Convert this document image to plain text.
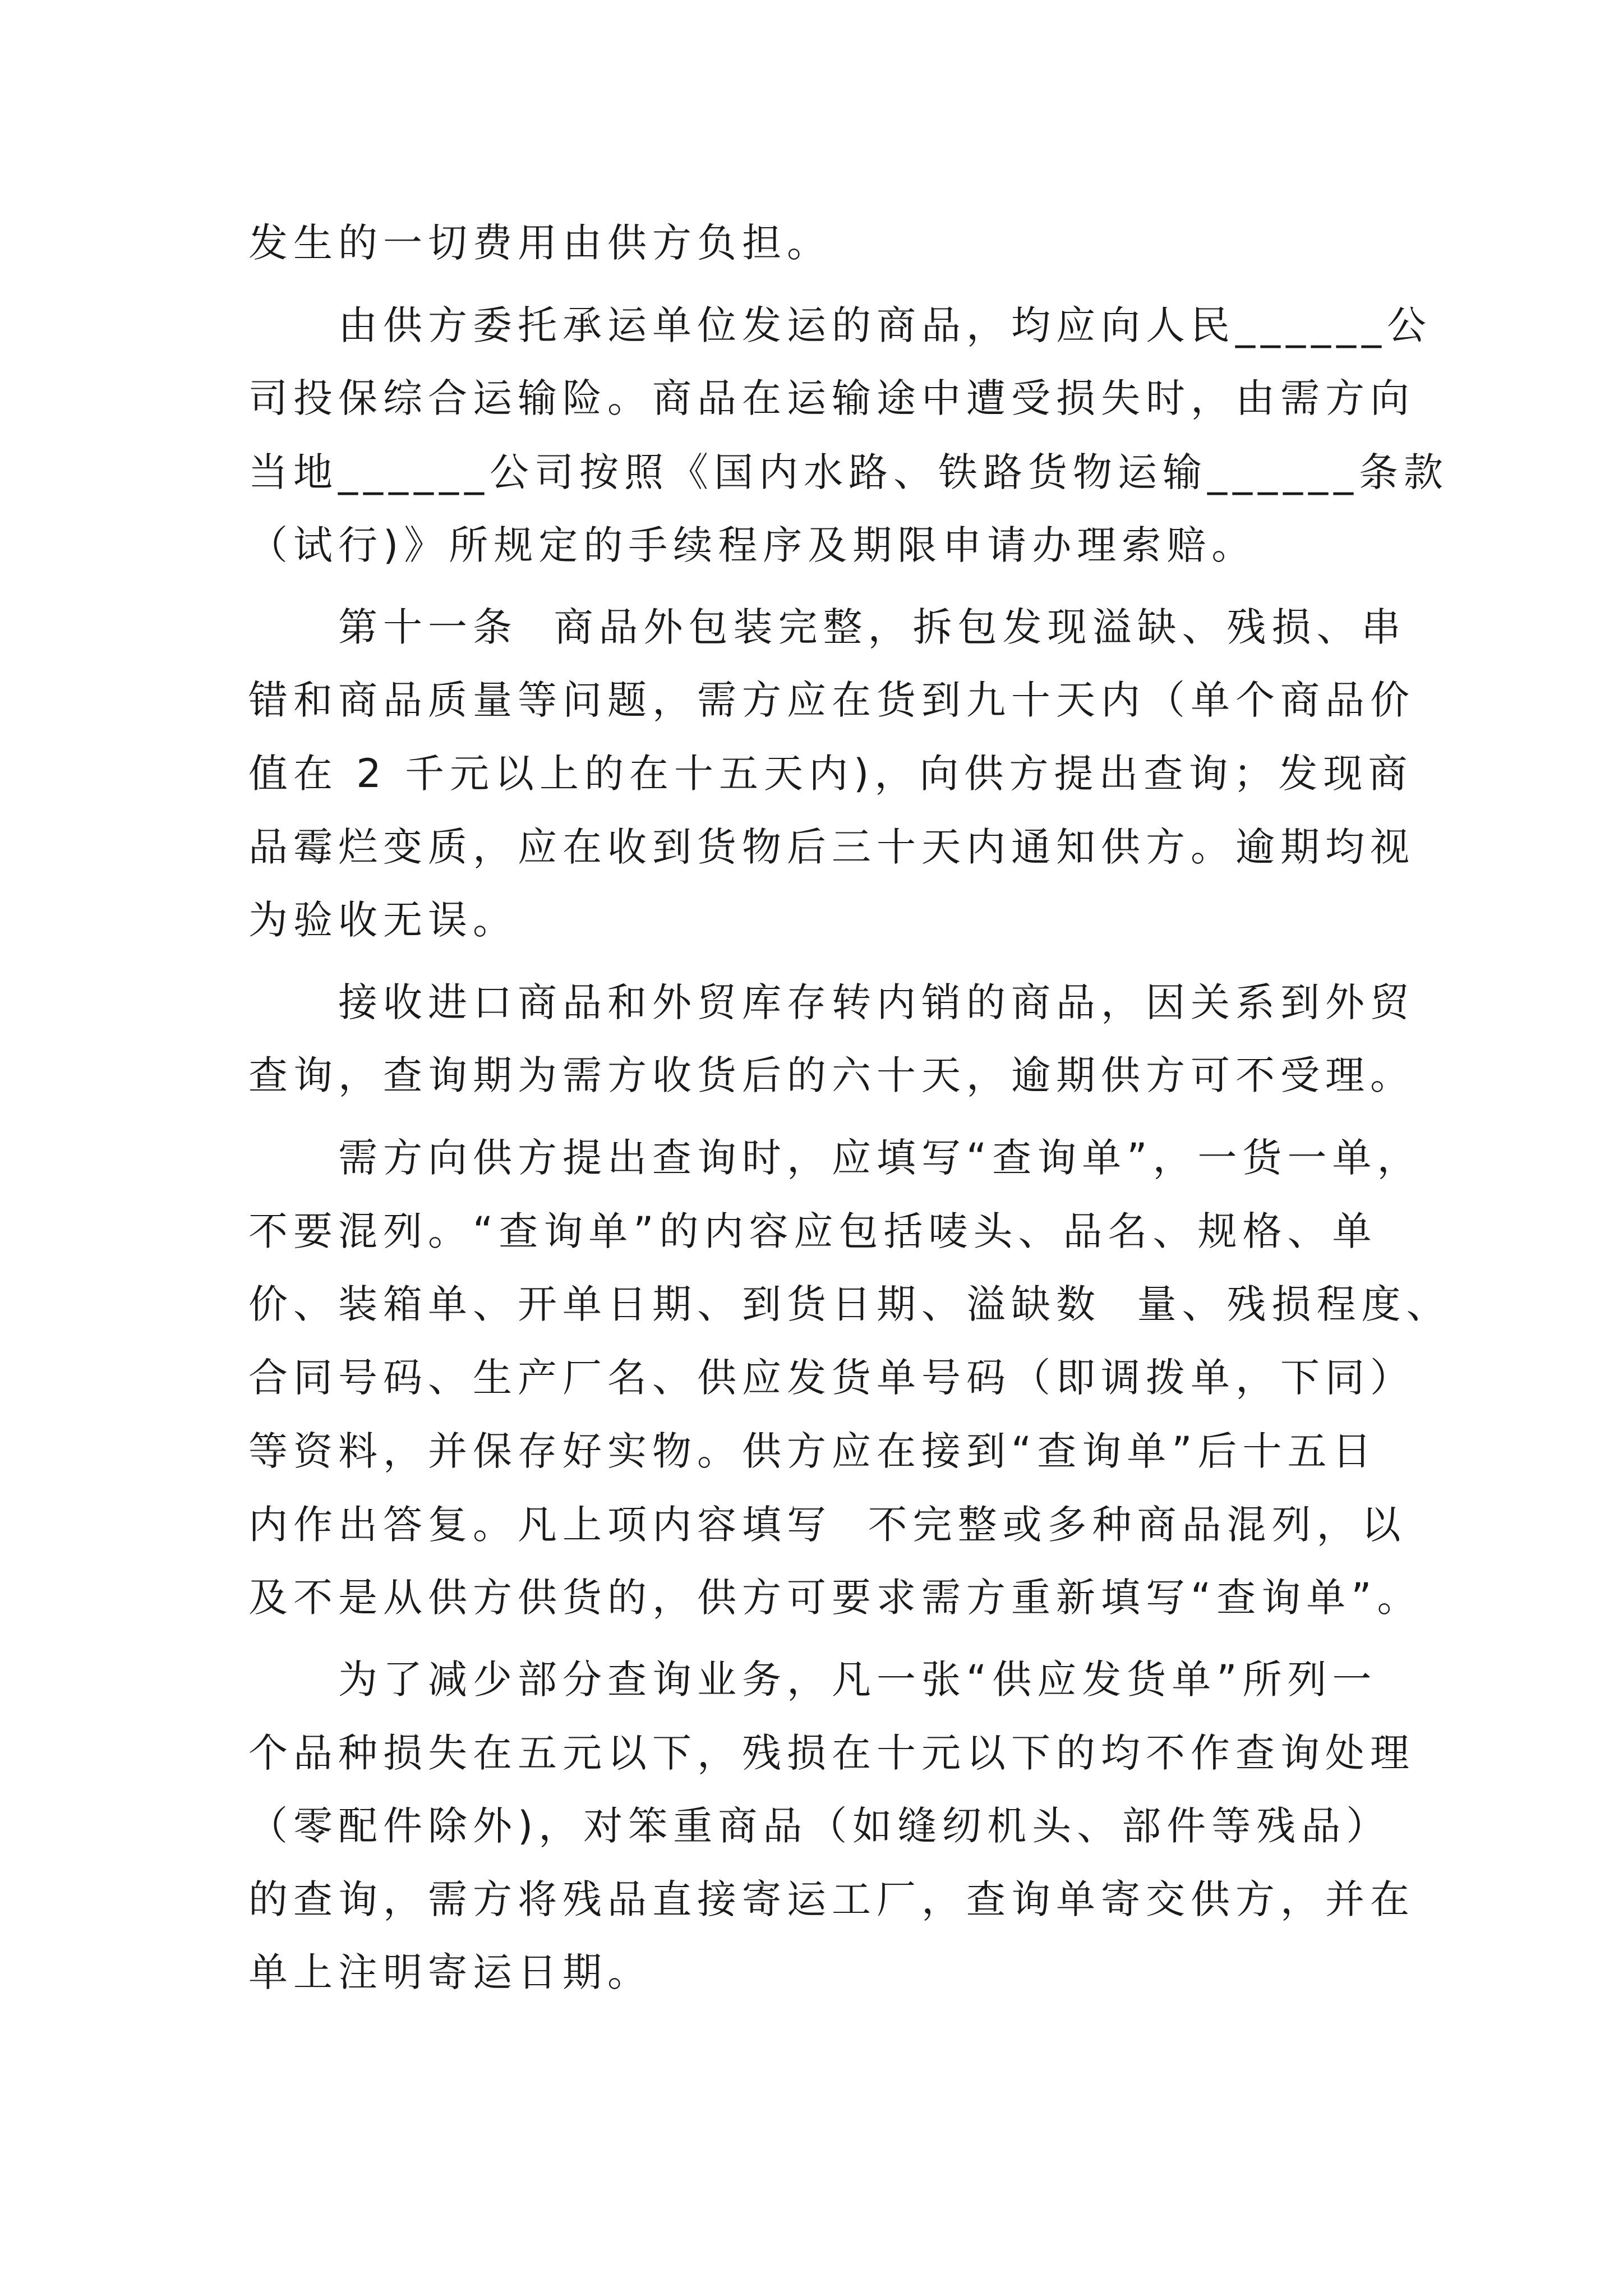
发生的一切费用由供方负担。
由供方委托承运单位发运的商品，均应向人民______公
司投保综合运输险。商品在运输途中遭受损失时，由需方向
当地______公司按照《国内水路、铁路货物运输______条款
（试行)》所规定的手续程序及期限申请办理索赔。
第十一条  商品外包装完整，拆包发现溢缺、残损、串
错和商品质量等问题，需方应在货到九十天内（单个商品价
值在 2 千元以上的在十五天内)，向供方提出查询；发现商
品霉烂变质，应在收到货物后三十天内通知供方。逾期均视
为验收无误。
接收进口商品和外贸库存转内销的商品，因关系到外贸
查询，查询期为需方收货后的六十天，逾期供方可不受理。
需方向供方提出查询时，应填写“查询单”，一货一单，
不要混列。“查询单”的内容应包括唛头、品名、规格、单
价、装箱单、开单日期、到货日期、溢缺数  量、残损程度、
合同号码、生产厂名、供应发货单号码（即调拨单，下同）
等资料，并保存好实物。供方应在接到“查询单”后十五日
内作出答复。凡上项内容填写  不完整或多种商品混列，以
及不是从供方供货的，供方可要求需方重新填写“查询单”。
为了减少部分查询业务，凡一张“供应发货单”所列一
个品种损失在五元以下，残损在十元以下的均不作查询处理
（零配件除外)，对笨重商品（如缝纫机头、部件等残品）
的查询，需方将残品直接寄运工厂，查询单寄交供方，并在
单上注明寄运日期。
